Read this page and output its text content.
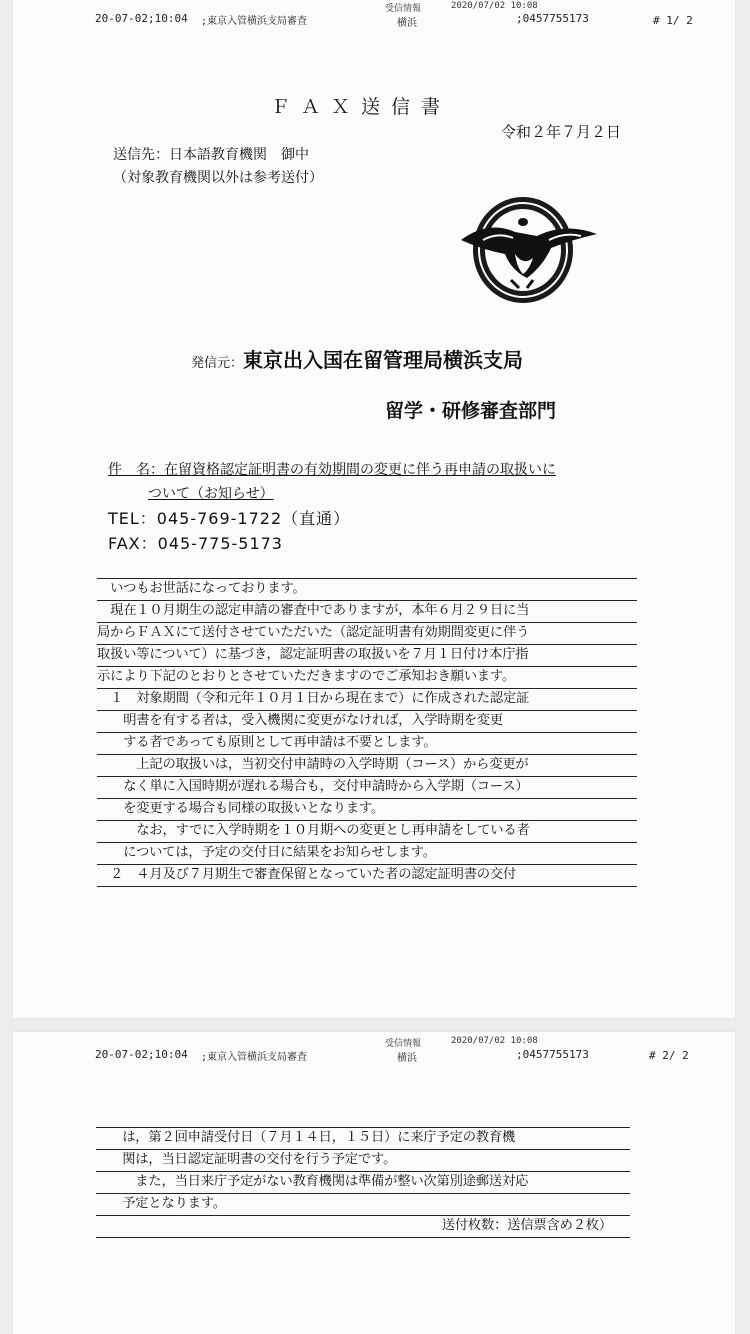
20-07-02;10:04 ;東京入管横浜支局審査
受信情報	2020/07/02 10:08
横浜	;0457755173	# 1/ 2
ＦＡＸ送信書
令和２年７月２日
送信先：日本語教育機関　御中
（対象教育機関以外は参考送付）
発信元：東京出入国在留管理局横浜支局
留学・研修審査部門
件　名：在留資格認定証明書の有効期間の変更に伴う再申請の取扱いに
ついて（お知らせ）
TEL：045-769-1722（直通）
FAX：045-775-5173
　いつもお世話になっております。
　現在１０月期生の認定申請の審査中でありますが，本年６月２９日に当
局からＦＡＸにて送付させていただいた（認定証明書有効期間変更に伴う
取扱い等について）に基づき，認定証明書の取扱いを７月１日付け本庁指
示により下記のとおりとさせていただきますのでご承知おき願います。
　１　対象期間（令和元年１０月１日から現在まで）に作成された認定証
　　明書を有する者は，受入機関に変更がなければ，入学時期を変更
　　する者であっても原則として再申請は不要とします。
　　　上記の取扱いは，当初交付申請時の入学時期（コース）から変更が
　　なく単に入国時期が遅れる場合も，交付申請時から入学期（コース）
　　を変更する場合も同様の取扱いとなります。
　　　なお，すでに入学時期を１０月期への変更とし再申請をしている者
　　については，予定の交付日に結果をお知らせします。
　２　４月及び７月期生で審査保留となっていた者の認定証明書の交付
20-07-02;10:04 ;東京入管横浜支局審査
受信情報	2020/07/02 10:08
横浜	;0457755173	# 2/ 2
　　は，第２回申請受付日（７月１４日，１５日）に来庁予定の教育機
　　関は，当日認定証明書の交付を行う予定です。
　　　また，当日来庁予定がない教育機関は準備が整い次第別途郵送対応
　　予定となります。
送付枚数：送信票含め２枚）
